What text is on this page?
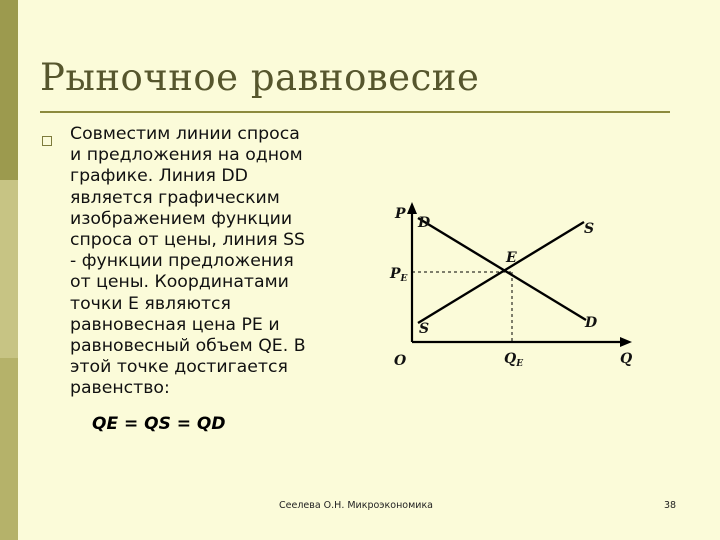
Рыночное равновесие

Совместим линии спроса
и предложения на одном
графике. Линия DD
является графическим
изображением функции
спроса от цены, линия SS
- функции предложения
от цены. Координатами
точки E являются
равновесная цена PE и
равновесный объем QE. В
этой точке достигается
равенство:

QE = QS = QD
P
Q
O
$P_E$
$Q_E$
E
D
D
S
S
Сеелева О.Н. Микроэкономика	38
